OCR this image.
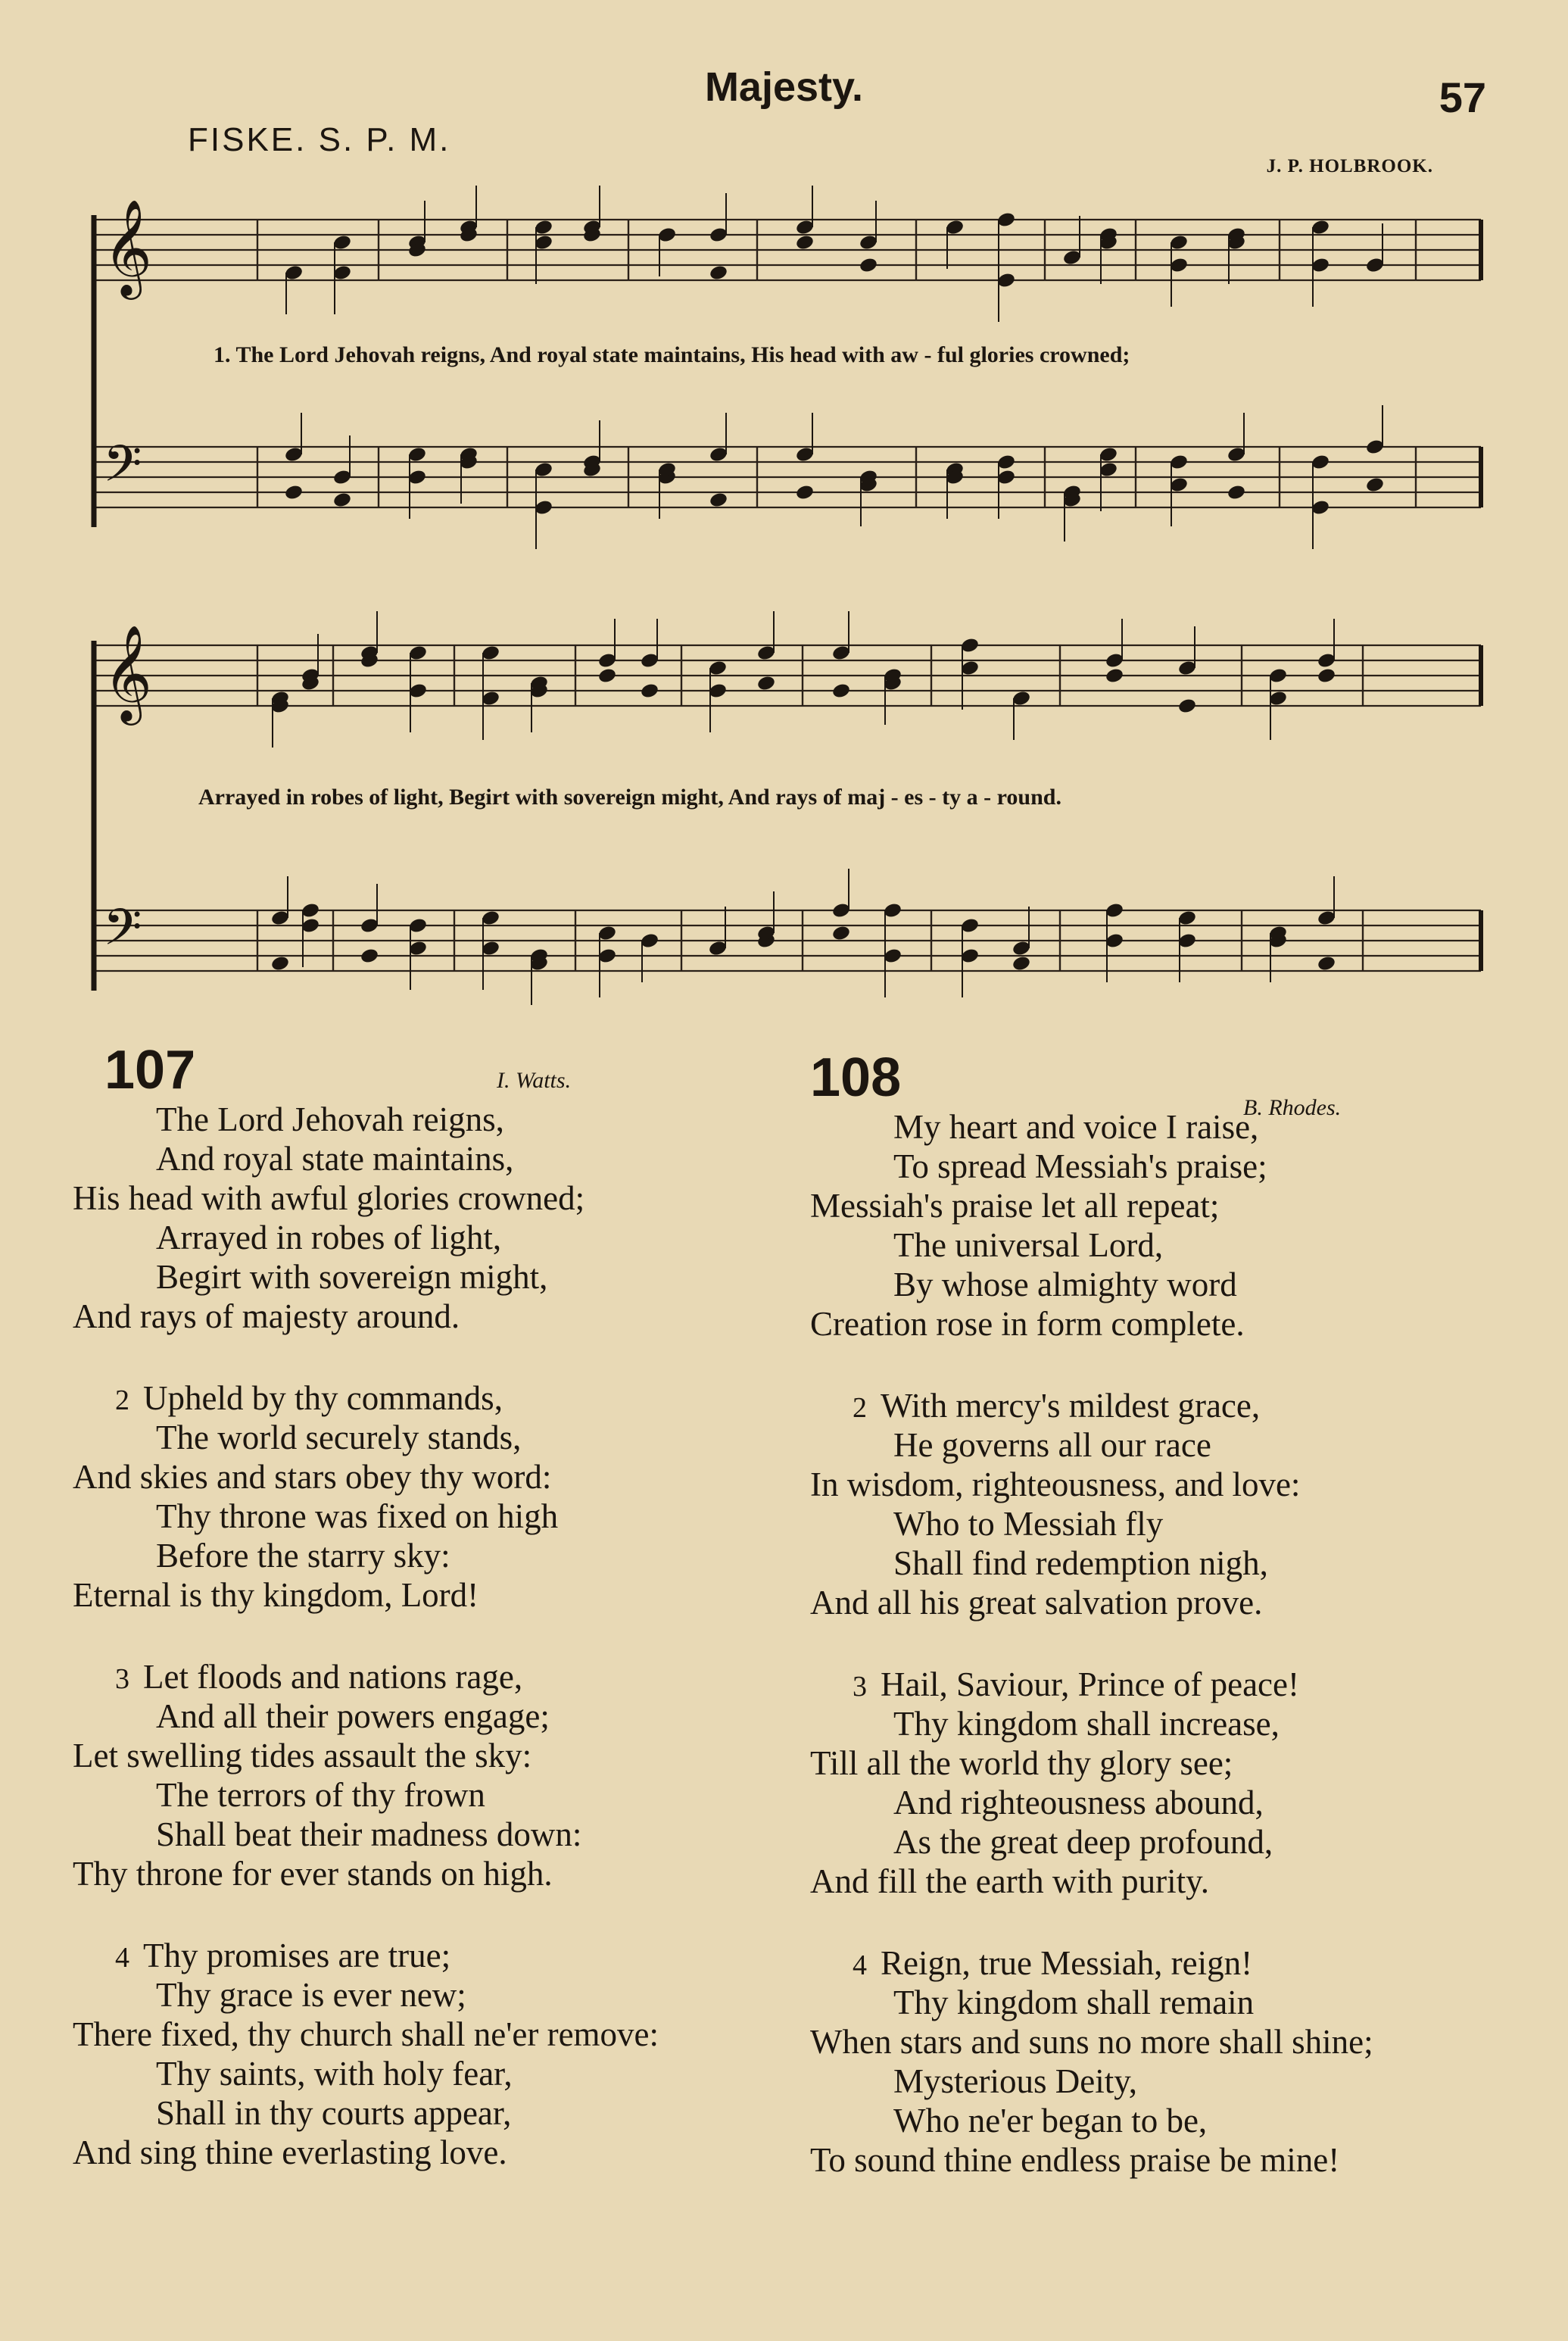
Majesty.	57
FISKE. S. P. M.
J. P. HOLBROOK.
𝄞
𝄢
𝄞
𝄢
1. The Lord Jehovah reigns, And royal state maintains, His head with aw - ful glories crowned;
Arrayed in robes of light, Begirt with sovereign might, And rays of maj - es - ty a - round.
107	I. Watts.
The Lord Jehovah reigns,
And royal state maintains,
His head with awful glories crowned;
Arrayed in robes of light,
Begirt with sovereign might,
And rays of majesty around.
2 Upheld by thy commands,
The world securely stands,
And skies and stars obey thy word:
Thy throne was fixed on high
Before the starry sky:
Eternal is thy kingdom, Lord!
3 Let floods and nations rage,
And all their powers engage;
Let swelling tides assault the sky:
The terrors of thy frown
Shall beat their madness down:
Thy throne for ever stands on high.
4 Thy promises are true;
Thy grace is ever new;
There fixed, thy church shall ne'er remove:
Thy saints, with holy fear,
Shall in thy courts appear,
And sing thine everlasting love.
108	B. Rhodes.
My heart and voice I raise,
To spread Messiah's praise;
Messiah's praise let all repeat;
The universal Lord,
By whose almighty word
Creation rose in form complete.
2 With mercy's mildest grace,
He governs all our race
In wisdom, righteousness, and love:
Who to Messiah fly
Shall find redemption nigh,
And all his great salvation prove.
3 Hail, Saviour, Prince of peace!
Thy kingdom shall increase,
Till all the world thy glory see;
And righteousness abound,
As the great deep profound,
And fill the earth with purity.
4 Reign, true Messiah, reign!
Thy kingdom shall remain
When stars and suns no more shall shine;
Mysterious Deity,
Who ne'er began to be,
To sound thine endless praise be mine!
